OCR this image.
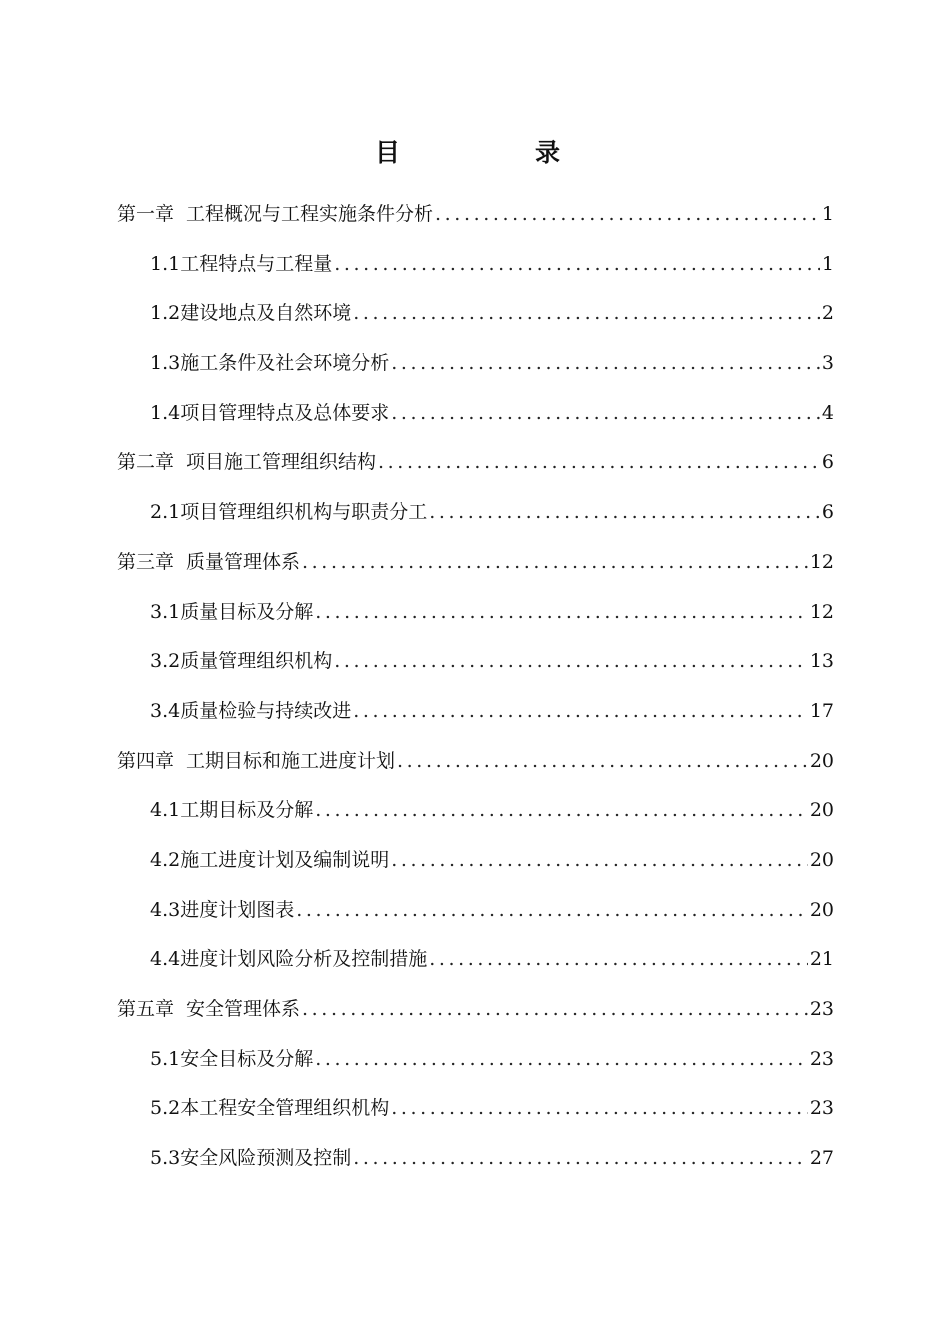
目　录
第一章 工程概况与工程实施条件分析 .....	1
1.1工程特点与工程量 .....	1
1.2建设地点及自然环境 .....	2
1.3施工条件及社会环境分析 .....	3
1.4项目管理特点及总体要求 .....	4
第二章 项目施工管理组织结构 .....	6
2.1项目管理组织机构与职责分工 .....	6
第三章 质量管理体系 .....	12
3.1质量目标及分解 .....	12
3.2质量管理组织机构 .....	13
3.4质量检验与持续改进 .....	17
第四章 工期目标和施工进度计划 .....	20
4.1工期目标及分解 .....	20
4.2施工进度计划及编制说明 .....	20
4.3进度计划图表 .....	20
4.4进度计划风险分析及控制措施 .....	21
第五章 安全管理体系 .....	23
5.1安全目标及分解 .....	23
5.2本工程安全管理组织机构 .....	23
5.3安全风险预测及控制 .....	27
